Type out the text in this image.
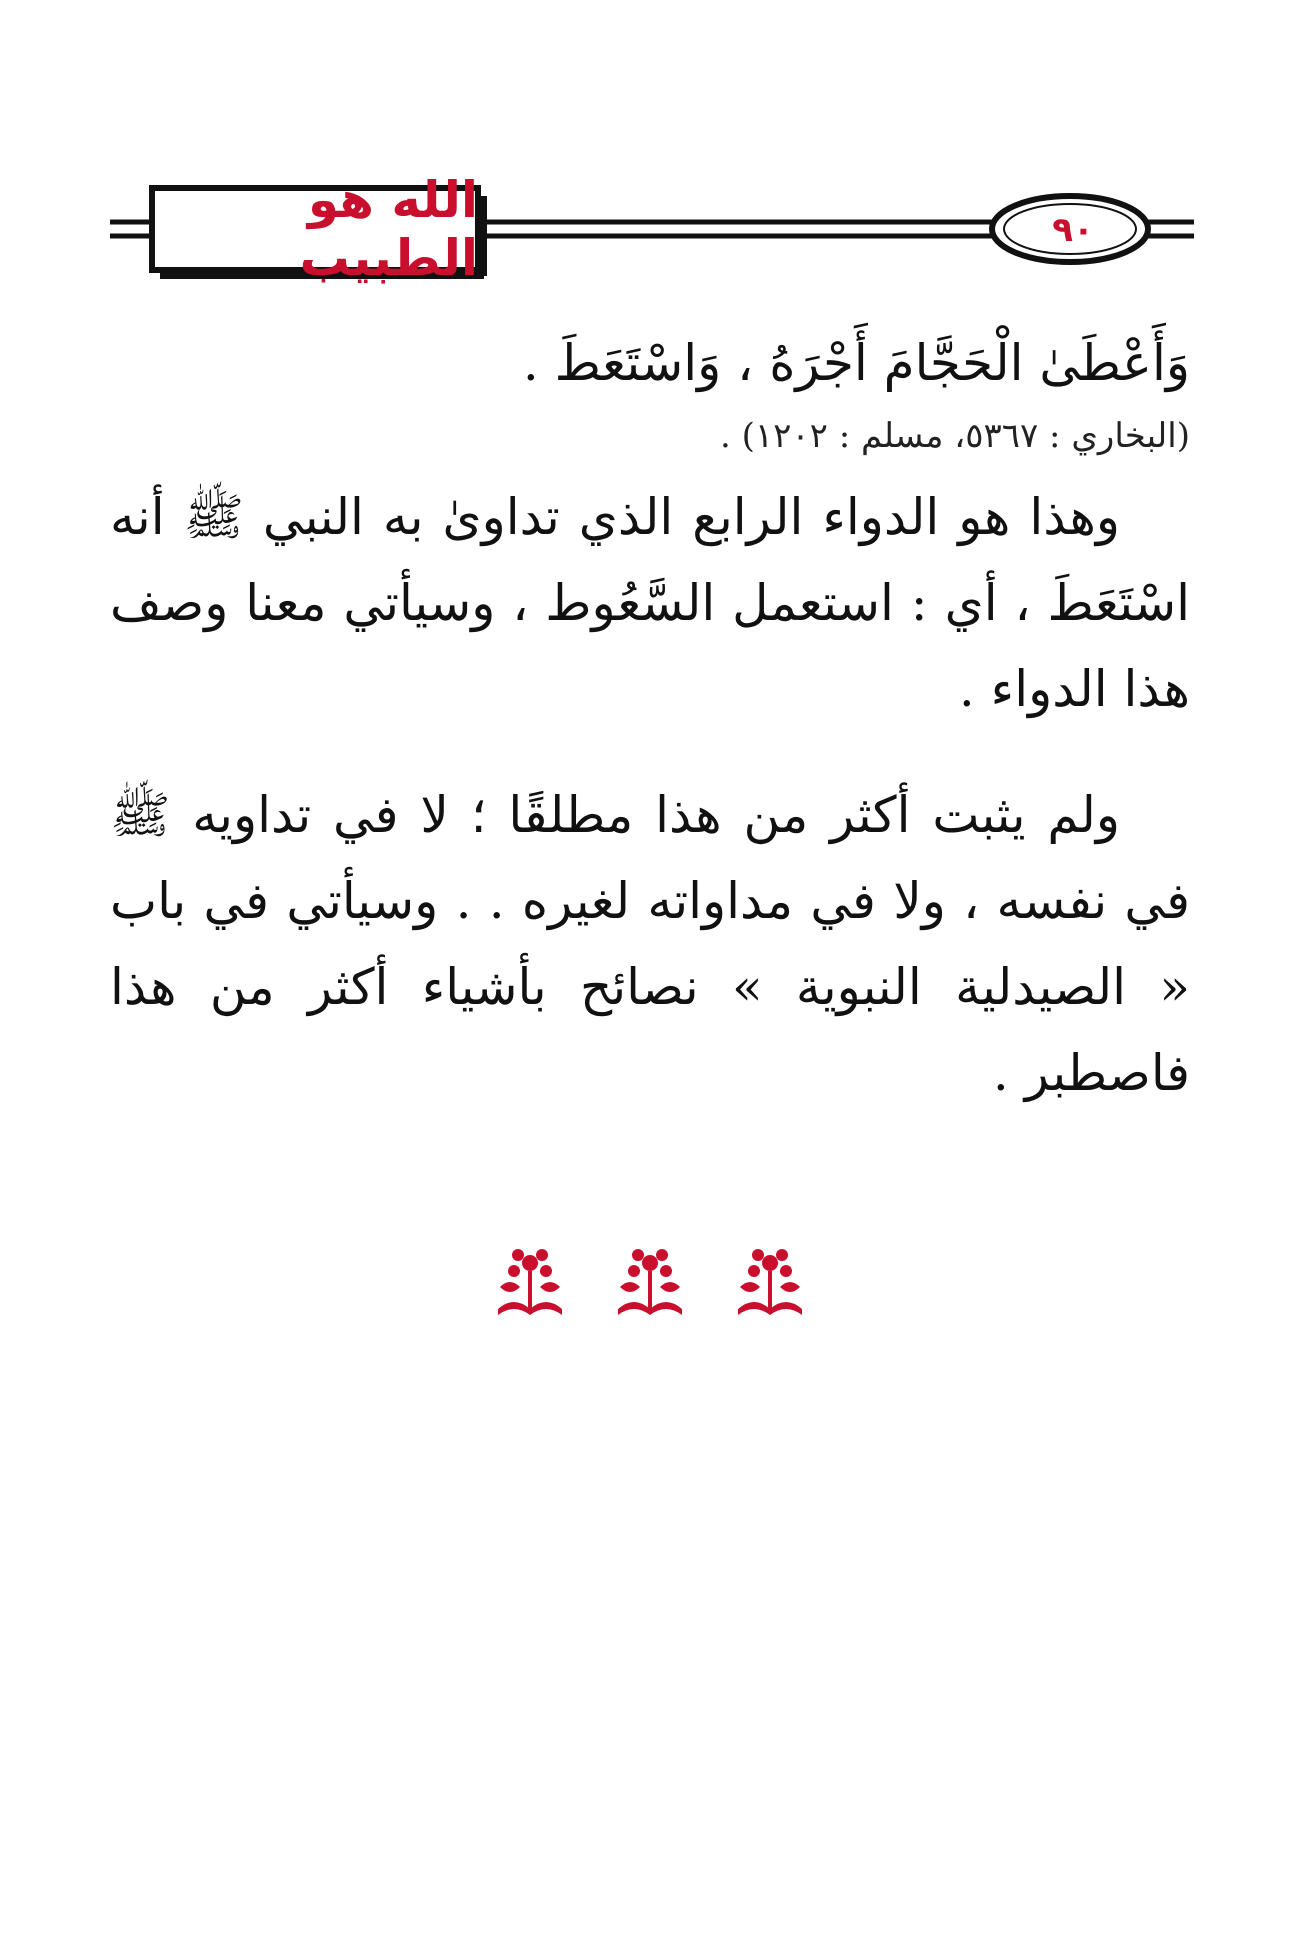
الله هو الطبيب	٩٠

وَأَعْطَىٰ الْحَجَّامَ أَجْرَهُ ، وَاسْتَعَطَ .

(البخاري : ٥٣٦٧، مسلم : ١٢٠٢) .

وهذا هو الدواء الرابع الذي تداوىٰ به النبي ﷺ أنه اسْتَعَطَ ، أي : استعمل السَّعُوط ، وسيأتي معنا وصف هذا الدواء .

ولم يثبت أكثر من هذا مطلقًا ؛ لا في تداويه ﷺ في نفسه ، ولا في مداواته لغيره . . وسيأتي في باب « الصيدلية النبوية » نصائح بأشياء أكثر من هذا فاصطبر .
